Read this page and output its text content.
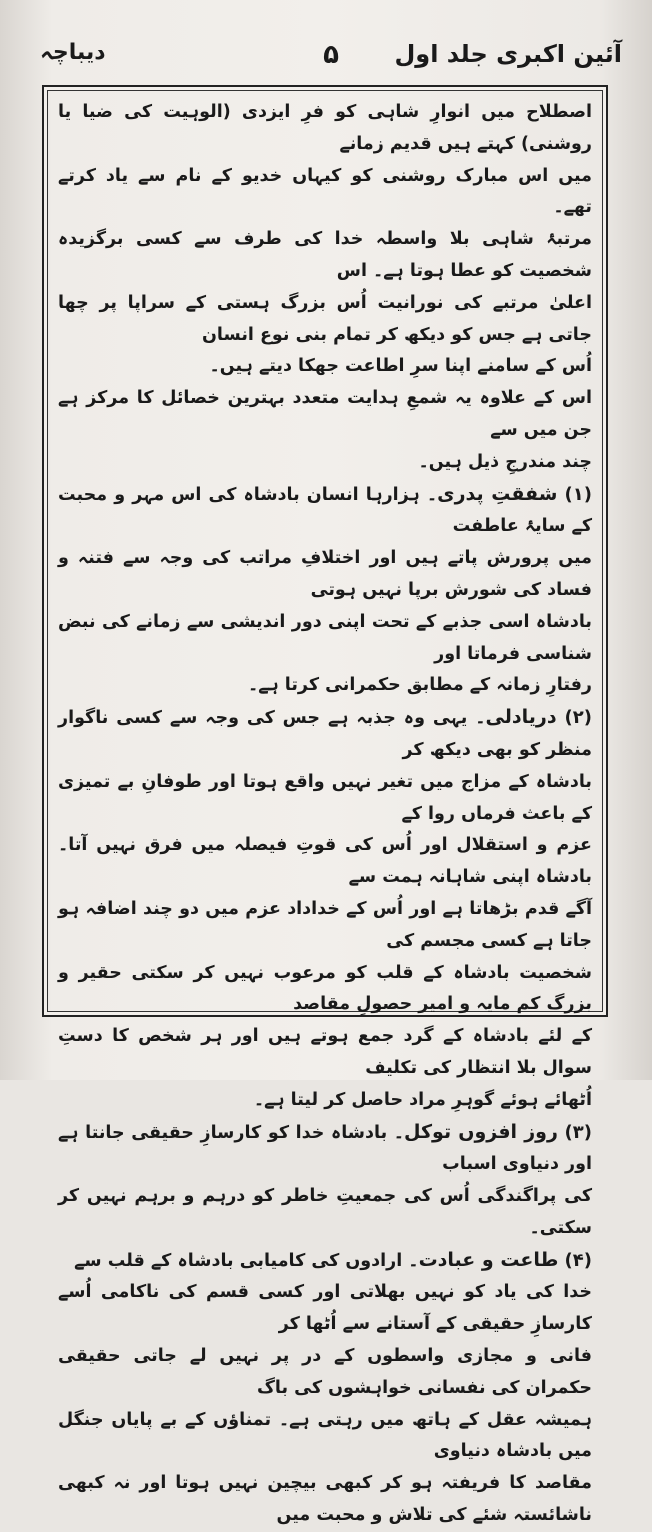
آئین اکبری جلد اول
۵
دیباچہ

اصطلاح میں انوارِ شاہی کو فرِ ایزدی (الوہیت کی ضیا یا روشنی) کہتے ہیں قدیم زمانے
میں اس مبارک روشنی کو کیہاں خدیو کے نام سے یاد کرتے تھے۔
مرتبۂ شاہی بلا واسطہ خدا کی طرف سے کسی برگزیدہ شخصیت کو عطا ہوتا ہے۔ اس
اعلیٰ مرتبے کی نورانیت اُس بزرگ ہستی کے سراپا پر چھا جاتی ہے جس کو دیکھ کر تمام بنی نوع انسان
اُس کے سامنے اپنا سرِ اطاعت جھکا دیتے ہیں۔
اس کے علاوہ یہ شمعِ ہدایت متعدد بہترین خصائل کا مرکز ہے جن میں سے
چند مندرجِ ذیل ہیں۔
(۱) شفقتِ پدری۔ ہزارہا انسان بادشاہ کی اس مہر و محبت کے سایۂ عاطفت
میں پرورش پاتے ہیں اور اختلافِ مراتب کی وجہ سے فتنہ و فساد کی شورش برپا نہیں ہوتی
بادشاہ اسی جذبے کے تحت اپنی دور اندیشی سے زمانے کی نبض شناسی فرماتا اور
رفتارِ زمانہ کے مطابق حکمرانی کرتا ہے۔
(۲) دریادلی۔ یہی وہ جذبہ ہے جس کی وجہ سے کسی ناگوار منظر کو بھی دیکھ کر
بادشاہ کے مزاج میں تغیر نہیں واقع ہوتا اور طوفانِ بے تمیزی کے باعث فرماں روا کے
عزم و استقلال اور اُس کی قوتِ فیصلہ میں فرق نہیں آتا۔ بادشاہ اپنی شاہانہ ہمت سے
آگے قدم بڑھاتا ہے اور اُس کے خداداد عزم میں دو چند اضافہ ہو جاتا ہے کسی مجسم کی
شخصیت بادشاہ کے قلب کو مرعوب نہیں کر سکتی حقیر و بزرگ کم مایہ و امیر حصولِ مقاصد
کے لئے بادشاہ کے گرد جمع ہوتے ہیں اور ہر شخص کا دستِ سوال بلا انتظار کی تکلیف
اُٹھائے ہوئے گوہرِ مراد حاصل کر لیتا ہے۔
(۳) روز افزوں توکل۔ بادشاہ خدا کو کارسازِ حقیقی جانتا ہے اور دنیاوی اسباب
کی پراگندگی اُس کی جمعیتِ خاطر کو درہم و برہم نہیں کر سکتی۔
(۴) طاعت و عبادت۔ ارادوں کی کامیابی بادشاہ کے قلب سے
خدا کی یاد کو نہیں بھلاتی اور کسی قسم کی ناکامی اُسے کارسازِ حقیقی کے آستانے سے اُٹھا کر
فانی و مجازی واسطوں کے در پر نہیں لے جاتی حقیقی حکمران کی نفسانی خواہشوں کی باگ
ہمیشہ عقل کے ہاتھ میں رہتی ہے۔ تمناؤں کے بے پایاں جنگل میں بادشاہ دنیاوی
مقاصد کا فریفتہ ہو کر کبھی بیچین نہیں ہوتا اور نہ کبھی ناشائستہ شئے کی تلاش و محبت میں
